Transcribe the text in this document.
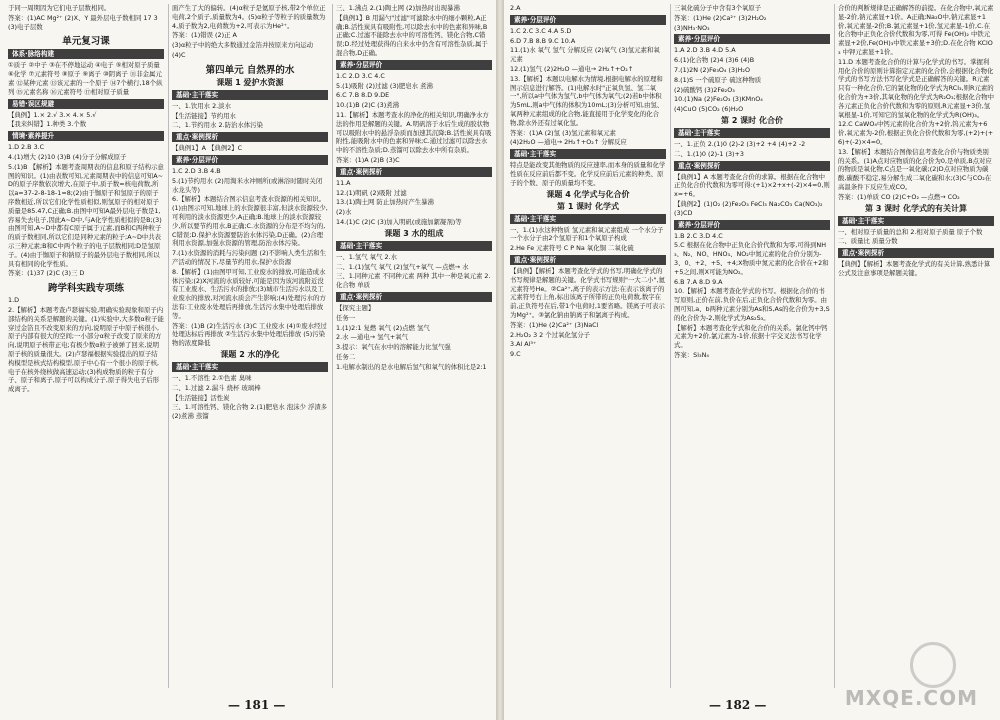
于同一周期因为它们电子层数相同。
答案：(1)AC Mg²⁺ (2)X、Y 最外层电子数相同 17 3 (3)电子层数
单元复习课
体系·脉络构建
①质子 ②中子 ③在不停地运动 ④电子 ⑤相对原子质量 ⑥化学 ⑦元素符号 ⑧原子 ⑨离子 ⑩阴离子 ⑪非金属元素 ⑫某种元素 ⑬该元素的一个原子 ⑭7个横行,18个纵列 ⑮元素名称 ⑯元素符号 ⑰相对原子质量
易错·误区规避
【典例】1.× 2.√ 3.× 4.× 5.√
【我来纠错】1.种类 3.个数
情境·素养提升
1.D 2.B 3.C
4.(1)增大 (2)10 (3)B (4)分子分解成原子
5.(1)B 【解析】本题考查周期表的信息和原子结构示意图的知识。(1)由表数可知,元素周期表中的信息可知A~D的原子序数依次增大,在原子中,质子数=核电荷数,所以a=37-2-8-18-1=8;(2)由于铷原子和氢原子的原子序数相近,所以它们化学性质相似,则氢原子的相对原子质量是85.47,C正确;B.由图中可知A最外层电子数是1,容易失去电子,因此A~D中,与A化学性质相似的是B;(3)由图可知,A~D中都有C原子属于元素,而B和C两种粒子的质子数相同,所以它们是同种元素的粒子;A~D中共表示三种元素;B和C中两个粒子的电子层数相同;D是氢原子。(4)由于铷原子和钠原子的最外层电子数相同,所以具有相同的化学性质。
答案：(1)37 (2)C (3)三 D
跨学科实践专项练
1.D
2.【解析】本题考查卢瑟福实验,明确实验现象和原子内部结构的关系是解题的关键。(1)实验中,大多数α粒子能穿过金箔且不改变原来的方向,说明原子中原子核很小,原子内部有很大的空间;一小部分α粒子改变了原来的方向,说明原子核带正电;有极少数α粒子被弹了回来,说明原子核的质量很大。(2)卢瑟福根据实验提出的原子结构模型是核式结构模型,原子中心有一个很小的原子核,电子在核外绕核做高速运动;(3)构成物质的粒子有分子、原子和离子,原子可以构成分子,原子得失电子后形成离子。
面产生了大的偏转。(4)α粒子是氦原子核,带2个单位正电荷,2个质子,质量数为4。(5)α粒子等粒子的质量数为4,质子数为2,电荷数为+2,可表示为He²⁺。
答案：(1)错误 (2)正 A
(3)α粒子中的绝大多数通过金箔并按原来方向运动
(4)C
第四单元 自然界的水
课题 1 爱护水资源
基础·主干落实
一、1.饮用水 2.淡水
【生活链接】节约用水
二、1.节约用水 2.防治水体污染
重点·案例探析
【典例1】A 【典例2】C
素养·分层评价
1.C 2.D 3.B 4.B
5.(1)节约用水 (2)用淘米水冲厕所(或淋浴时随时关闭水龙头等)
6.【解析】本题结合图示信息考查水资源的相关知识。(1)由图示可知,地球上的水资源很丰富,但淡水资源较少,可利用的淡水资源更少,A正确;B.地球上的淡水资源较少,所以要节约用水,B正确;C.水资源的分布是不均匀的,C错误;D.保护水资源要防治水体污染,D正确。(2)合理利用水资源,加强水资源的管理,防治水体污染。
7.(1)水资源的消耗与污染问题 (2)不影响人类生活和生产活动的情况下,尽量节约用水,保护水资源
8.【解析】(1)由图甲可知,工业废水的排放,可能造成水体污染;(2)X河流的水质较好,可能是因为该河流附近没有工业废水、生活污水的排放;(3)城市生活污水以及工业废水的排放,对河流水质会产生影响;(4)处理污水的方法有:工业废水处理后再排放,生活污水集中处理后排放等。
答案：(1)B (2)生活污水 (3)C 工业废水 (4)①废水经过处理达标后再排放 ②生活污水集中处理后排放 (5)污染物的浓度降低
课题 2 水的净化
基础·主干落实
一、1.不溶性 2.①色素 臭味
二、1.过滤 2.漏斗 烧杯 玻璃棒
【生活链接】活性炭
三、1.可溶性钙、镁化合物 2.(1)肥皂水 泡沫少 浮渣多 (2)煮沸 蒸馏
三、1.沸点 2.(1)陶土网 (2)加热时出现暴沸
【典例1】B 用漏勺"过滤"可滤除水中的细小颗粒,A正确;B.活性炭具有吸附性,可以除去水中的色素和异味,B正确;C.过滤不能除去水中的可溶性钙、镁化合物,C错误;D.经过处理获得的自来水中仍含有可溶性杂质,属于混合物,D正确。
素养·分层评价
1.C 2.D 3.C 4.C
5.(1)吸附 (2)过滤 (3)肥皂水 煮沸
6.C 7.B 8.D 9.DE
10.(1)B (2)C (3)煮沸
11.【解析】本题考查水的净化的相关知识,明确净水方法的作用是解题的关键。A.明矾溶于水后生成的胶状物可以吸附水中的悬浮杂质而加速其沉降;B.活性炭具有吸附性,能吸附水中的色素和异味;C.通过过滤可以除去水中的不溶性杂质;D.蒸馏可以除去水中所有杂质。
答案：(1)A (2)B (3)C
重点·案例探析
11.A
12.(1)明矾 (2)吸附 过滤
13.(1)陶土网 防止加热时产生暴沸
(2)水
14.(1)C (2)C (3)加入明矾(或施加絮凝剂)等
课题 3 水的组成
基础·主干落实
一、1.氢气 氧气 2.水
二、1.(1)氢气 氧气 (2)氢气+氧气 —点燃→ 水
三、1.同种元素 不同种元素 两种 其中一种是氧元素 2.化合物 单质
重点·案例探析
【探究主题】
任务一
1.(1)2:1 复燃 氧气 (2)点燃 氢气
2.水 —通电→ 氢气+氧气
3.提示：氧气在水中的溶解能力比氢气强
任务二
1.电解水制出的是水电解后氢气和氧气的体积比是2:1
— 181 —
2.A
素养·分层评价
1.C 2.C 3.C 4.A 5.D
6.D 7.B 8.B 9.C 10.A
11.(1)水 氧气 氢气 分解反应 (2)氧气 (3)氢元素和氧元素
12.(1)氢气 (2)2H₂O —通电→ 2H₂↑+O₂↑
13.【解析】本题以电解水为情境,根据电解水的原理和图示信息进行解答。(1)电解水时"正氧负氢、氢二氧一",所以a中气体为氢气,b中气体为氧气;(2)若b中体积为5mL,则a中气体的体积为10mL;(3)分析可知,由氢、氧两种元素组成的化合物,能直接用于化学变化的化合物,除水外还有过氧化氢。
答案：(1)A (2)氢 (3)氢元素和氧元素
(4)2H₂O —通电→ 2H₂↑+O₂↑ 分解反应
基础·主干落实
特点是能改变其他物质的反应速率,而本身的质量和化学性质在反应前后都不变。化学反应前后元素的种类、原子的个数、原子的质量均不变。
课题 4 化学式与化合价
第 1 课时 化学式
基础·主干落实
一、1.(1)水这种物质 氢元素和氧元素组成 一个水分子 一个水分子由2个氢原子和1个氧原子构成
2.He Fe 元素符号 C P Na 氧化铜 二氧化硫
重点·案例探析
【典例】【解析】本题考查化学式的书写,明确化学式的书写规律是解题的关键。化学式书写规则"一大二小",氦元素符号He。②Ca²⁺,离子的表示方法:在表示该离子的元素符号右上角,标出该离子所带的正负电荷数,数字在前,正负符号在后,带1个电荷时,1要省略。镁离子可表示为Mg²⁺。③氯化钠由钠离子和氯离子构成。
答案：(1)He (2)Ca²⁺ (3)NaCl
2.H₂O₂ 3 2 个过氧化氢分子
3.Al Al³⁺
9.C
三氧化硫分子中含有3个氧原子
答案：(1)He (2)Ca²⁺ (3)2H₂O₂
(3)NH₃·NO₃
素养·分层评价
1.A 2.D 3.B 4.D 5.A
6.(1)化合物 (2)4 (3)6 (4)B
7.(1)2N (2)Fe₃O₄ (3)H₂O
8.(1)S 一个硫原子 硫这种物质
(2)硫酸钙 (3)2Fe₂O₃
10.(1)Na (2)Fe₂O₃ (3)KMnO₄
(4)CuO (5)CO₂ (6)H₂O
第 2 课时 化合价
基础·主干落实
一、1.正负 2.(1)0 (2)-2 (3)+2 +4 (4)+2 -2
二、1.(1)0 (2)-1 (3)+3
重点·案例探析
【典例1】A 本题考查化合价的求算。根据在化合物中正负化合价代数和为零可得:(+1)×2+x+(-2)×4=0,则x=+6。
【典例2】(1)O₂ (2)Fe₂O₃ FeCl₃ Na₂CO₃ Ca(NO₃)₂ (3)CD
素养·分层评价
1.B 2.C 3.D 4.C
5.C 根据在化合物中正负化合价代数和为零,可得到NH₃、N₂、NO、HNO₃、NO₂中氮元素的化合价分别为-3、0、+2、+5、+4;X物质中氮元素的化合价在+2和+5之间,则X可能为NO₂。
6.B 7.A 8.D 9.A
10.【解析】本题考查化学式的书写。根据化合价的书写原则,正价在前,负价在后,正负化合价代数和为零。由图可知,a、b两种元素分别为As和S,As的化合价为+3,S的化合价为-2,则化学式为As₂S₃。
【解析】本题考查化学式和化合价的关系。氯化钙中钙元素为+2价,氯元素为-1价,依据十字交叉法书写化学式。
答案：Si₃N₄
合价的判断规律是正确解答的前提。在化合物中,氧元素显-2价,钠元素显+1价。A正确;Na₂O中,钠元素显+1价,氧元素显-2价;B.氯元素显+1价,氢元素显-1价,C.在化合物中正负化合价代数和为零,可得 Fe(OH)₂ 中铁元素显+2价,Fe(OH)₃中铁元素显+3价;D.在化合物 KClO₃ 中钾元素显+1价。
11.D 本题考查化合价的计算与化学式的书写。掌握利用化合价的原则计算指定元素的化合价,会根据化合物化学式的书写方法书写化学式是正确解答的关键。R元素只有一种化合价,它的氯化物的化学式为RCl₃,则R元素的化合价为+3价,其氧化物的化学式为R₂O₃;根据化合物中各元素正负化合价代数和为零的原则,R元素显+3价,氢氧根显-1价,可知它的氢氧化物的化学式为R(OH)₃。
12.C CaWO₄中钙元素的化合价为+2价,钨元素为+6价,氧元素为-2价,根据正负化合价代数和为零,(+2)+(+6)+(-2)×4=0。
13.【解析】本题结合图像信息考查化合价与物质类别的关系。(1)A点对应物质的化合价为0,是单质,B点对应的物质是氧化物,C点是一氧化碳;(2)D点对应物质为碳酸,碳酸不稳定,易分解生成二氧化碳和水;(3)C与CO₂在高温条件下反应生成CO。
答案：(1)单质 CO (2)C+O₂ —点燃→ CO₂
第 3 课时 化学式的有关计算
基础·主干落实
一、相对原子质量的总和 2.相对原子质量 原子个数
二、质量比 质量分数
重点·案例探析
【典例】【解析】本题考查化学式的有关计算,熟悉计算公式及注意事项是解题关键。
— 182 —	MXQE.COM
